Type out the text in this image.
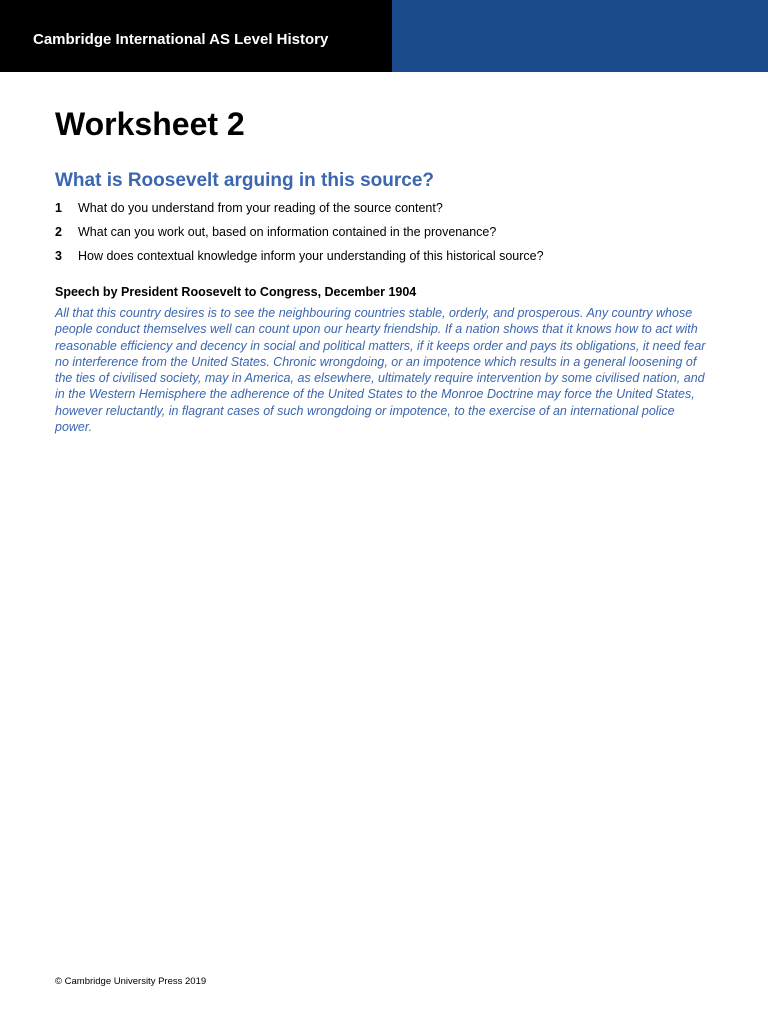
Cambridge International AS Level History
Worksheet 2
What is Roosevelt arguing in this source?
1	What do you understand from your reading of the source content?
2	What can you work out, based on information contained in the provenance?
3	How does contextual knowledge inform your understanding of this historical source?

Speech by President Roosevelt to Congress, December 1904

All that this country desires is to see the neighbouring countries stable, orderly, and prosperous. Any country whose people conduct themselves well can count upon our hearty friendship. If a nation shows that it knows how to act with reasonable efficiency and decency in social and political matters, if it keeps order and pays its obligations, it need fear no interference from the United States. Chronic wrongdoing, or an impotence which results in a general loosening of the ties of civilised society, may in America, as elsewhere, ultimately require intervention by some civilised nation, and in the Western Hemisphere the adherence of the United States to the Monroe Doctrine may force the United States, however reluctantly, in flagrant cases of such wrongdoing or impotence, to the exercise of an international police power.

© Cambridge University Press 2019
